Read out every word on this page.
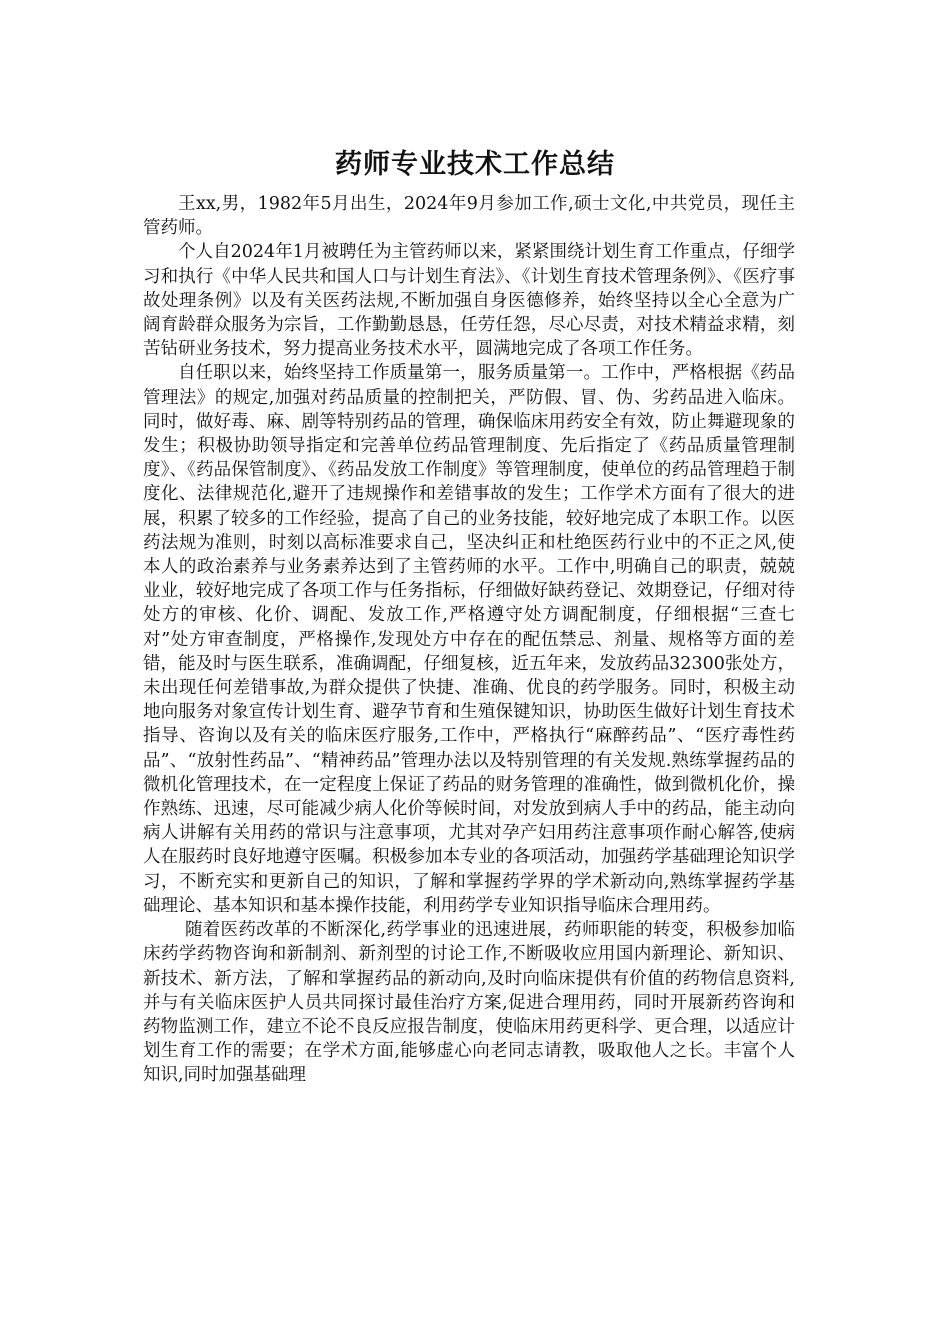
药师专业技术工作总结

王xx,男，1982年5月出生，2024年9月参加工作,硕士文化,中共党员，现任主管药师。

个人自2024年1月被聘任为主管药师以来，紧紧围绕计划生育工作重点，仔细学习和执行《中华人民共和国人口与计划生育法》、《计划生育技术管理条例》、《医疗事故处理条例》以及有关医药法规,不断加强自身医德修养，始终坚持以全心全意为广阔育龄群众服务为宗旨，工作勤勤恳恳，任劳任怨，尽心尽责，对技术精益求精，刻苦钻研业务技术，努力提高业务技术水平，圆满地完成了各项工作任务。

自任职以来，始终坚持工作质量第一，服务质量第一。工作中，严格根据《药品管理法》的规定,加强对药品质量的控制把关，严防假、冒、伪、劣药品进入临床。同时，做好毒、麻、剧等特别药品的管理，确保临床用药安全有效，防止舞避现象的发生；积极协助领导指定和完善单位药品管理制度、先后指定了《药品质量管理制度》、《药品保管制度》、《药品发放工作制度》等管理制度，使单位的药品管理趋于制度化、法律规范化,避开了违规操作和差错事故的发生；工作学术方面有了很大的进展，积累了较多的工作经验，提高了自己的业务技能，较好地完成了本职工作。以医药法规为准则，时刻以高标准要求自己，坚决纠正和杜绝医药行业中的不正之风,使本人的政治素养与业务素养达到了主管药师的水平。工作中,明确自己的职责，兢兢业业，较好地完成了各项工作与任务指标，仔细做好缺药登记、效期登记，仔细对待处方的审核、化价、调配、发放工作,严格遵守处方调配制度，仔细根据“三查七对”处方审查制度，严格操作,发现处方中存在的配伍禁忌、剂量、规格等方面的差错，能及时与医生联系，准确调配，仔细复核，近五年来，发放药品32300张处方，未出现任何差错事故,为群众提供了快捷、准确、优良的药学服务。同时，积极主动地向服务对象宣传计划生育、避孕节育和生殖保键知识，协助医生做好计划生育技术指导、咨询以及有关的临床医疗服务,工作中，严格执行“麻醉药品”、“医疗毒性药品”、“放射性药品”、“精神药品”管理办法以及特别管理的有关发规.熟练掌握药品的微机化管理技术，在一定程度上保证了药品的财务管理的准确性，做到微机化价，操作熟练、迅速，尽可能减少病人化价等候时间，对发放到病人手中的药品，能主动向病人讲解有关用药的常识与注意事项，尤其对孕产妇用药注意事项作耐心解答,使病人在服药时良好地遵守医嘱。积极参加本专业的各项活动，加强药学基础理论知识学习，不断充实和更新自己的知识，了解和掌握药学界的学术新动向,熟练掌握药学基础理论、基本知识和基本操作技能，利用药学专业知识指导临床合理用药。

随着医药改革的不断深化,药学事业的迅速进展，药师职能的转变，积极参加临床药学药物咨询和新制剂、新剂型的讨论工作,不断吸收应用国内新理论、新知识、新技术、新方法，了解和掌握药品的新动向,及时向临床提供有价值的药物信息资料,并与有关临床医护人员共同探讨最佳治疗方案,促进合理用药，同时开展新药咨询和药物监测工作，建立不论不良反应报告制度，使临床用药更科学、更合理，以适应计划生育工作的需要；在学术方面,能够虚心向老同志请教，吸取他人之长。丰富个人知识,同时加强基础理
